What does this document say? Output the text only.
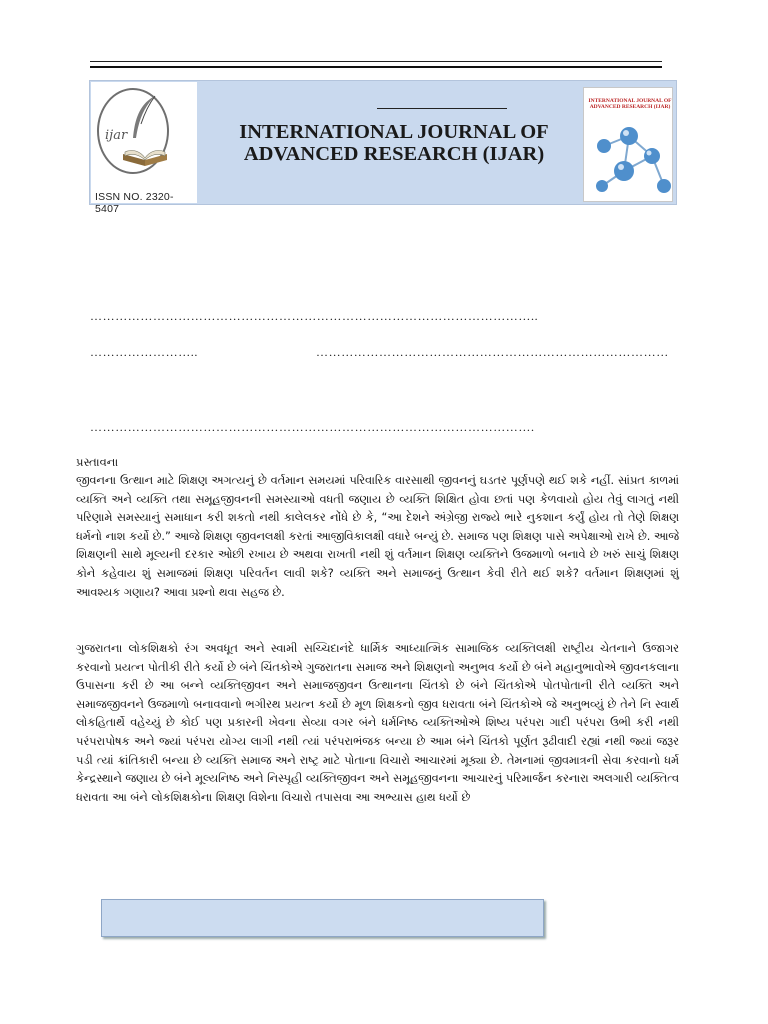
ijar
ISSN NO. 2320-5407
INTERNATIONAL JOURNAL OF
ADVANCED RESEARCH (IJAR)
INTERNATIONAL JOURNAL OF ADVANCED RESEARCH (IJAR)
……………………………………………………………………………………………..
……………………..	…………………………………………………………………………
…………………………………………………………………………………………….
પ્રસ્તાવના
જીવનના ઉત્થાન માટે શિક્ષણ અગત્યનું છે વર્તમાન સમયમાં પરિવારિક વારસાથી જીવનનું ઘડતર પૂર્ણપણે થઈ શકે નહીં. સાંપ્રત કાળમાં વ્યક્તિ અને વ્યક્તિ તથા સમૂહજીવનની સમસ્યાઓ વધતી જણાય છે વ્યક્તિ શિક્ષિત હોવા છતાં પણ કેળવાયો હોય તેવું લાગતું નથી પરિણામે સમસ્યાનું સમાધાન કરી શકતો નથી કાલેલકર નોંધે છે કે, “આ દેશને અંગ્રેજી રાજ્યે ભારે નુકશાન કર્યું હોય તો તેણે શિક્ષણ ધર્મનો નાશ કર્યો છે.” આજે શિક્ષણ જીવનલક્ષી કરતાં આજીવિકાલક્ષી વધારે બન્યું છે. સમાજ પણ શિક્ષણ પાસે અપેક્ષાઓ રાખે છે. આજે શિક્ષણની સાથે મૂલ્યની દરકાર ઓછી રખાય છે અથવા રાખતી નથી શું વર્તમાન શિક્ષણ વ્યક્તિને ઉજમાળો બનાવે છે ખરું સાચું શિક્ષણ કોને કહેવાય શું સમાજમાં શિક્ષણ પરિવર્તન લાવી શકે? વ્યક્તિ અને સમાજનું ઉત્થાન કેવી રીતે થઈ શકે? વર્તમાન શિક્ષણમાં શું આવશ્યક ગણાય? આવા પ્રશ્નો થવા સહજ છે.
ગુજરાતના લોકશિક્ષકો રંગ અવધૂત અને સ્વામી સચ્ચિદાનંદે ધાર્મિક આધ્યાત્મિક સામાજિક વ્યક્તિલક્ષી રાષ્ટ્રીય ચેતનાને ઉજાગર કરવાનો પ્રયત્ન પોતીકી રીતે કર્યો છે બંને ચિંતકોએ ગુજરાતના સમાજ અને શિક્ષણનો અનુભવ કર્યો છે બંને મહાનુભાવોએ જીવનકલાના ઉપાસના કરી છે આ બન્ને વ્યક્તિજીવન અને સમાજજીવન ઉત્થાનના ચિંતકો છે બંને ચિંતકોએ પોતપોતાની રીતે વ્યક્તિ અને સમાજજીવનને ઉજમાળો બનાવવાનો ભગીરથ પ્રયત્ન કર્યો છે મૂળ શિક્ષકનો જીવ ધરાવતા બંને ચિંતકોએ જે અનુભવ્યું છે તેને નિ સ્વાર્થ લોકહિતાર્થે વહેચ્યું છે કોઈ પણ પ્રકારની ખેવના સેવ્યા વગર બંને ધર્મનિષ્ઠ વ્યક્તિઓએ શિષ્ય પરંપરા ગાદી પરંપરા ઉભી કરી નથી પરંપરાપોષક અને જ્યાં પરંપરા યોગ્ય લાગી નથી ત્યાં પરંપરાભંજક બન્યા છે આમ બંને ચિંતકો પૂર્ણત રૂઢીવાદી રહ્યાં નથી જ્યાં જરૂર પડી ત્યાં ક્રાંતિકારી બન્યા છે વ્યક્તિ સમાજ અને રાષ્ટ્ર માટે પોતાના વિચારો આચારમાં મૂક્યા છે. તેમનામાં જીવમાત્રની સેવા કરવાનો ધર્મ કેન્દ્રસ્થાને જણાય છે બંને મૂલ્યનિષ્ઠ અને નિસ્પૃહી વ્યક્તિજીવન અને સમૂહજીવનના આચારનું પરિમાર્જન કરનારા અલગારી વ્યક્તિત્વ ધરાવતા આ બંને લોકશિક્ષકોના શિક્ષણ વિશેના વિચારો તપાસવા આ અભ્યાસ હાથ ધર્યો છે
